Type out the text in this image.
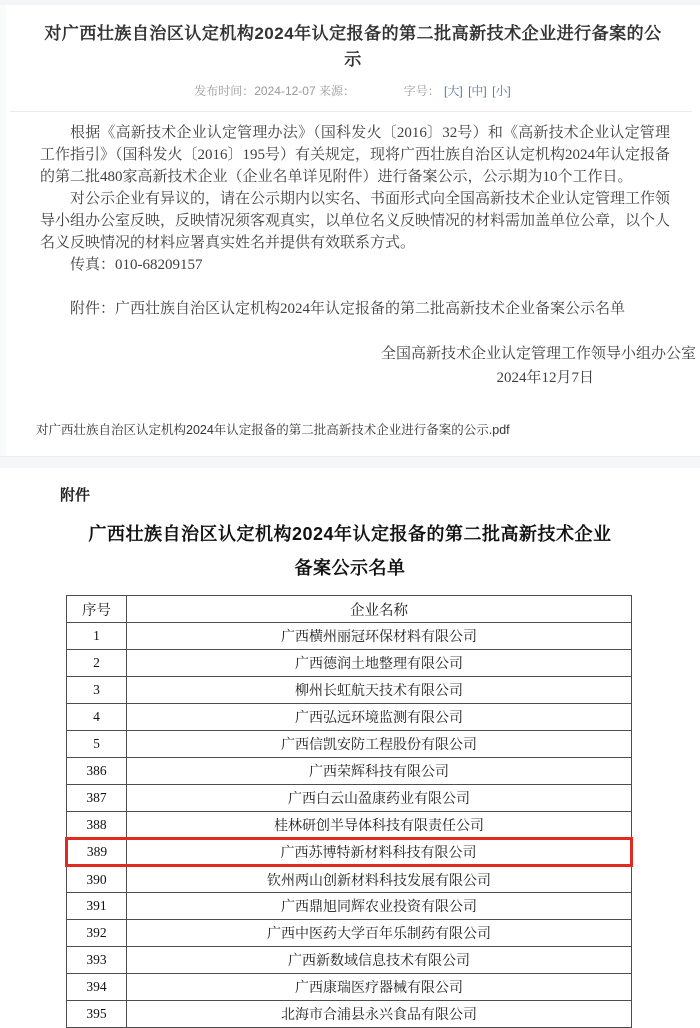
对广西壮族自治区认定机构2024年认定报备的第二批高新技术企业进行备案的公示
发布时间：2024-12-07 来源：	字号： [大] [中] [小]

根据《高新技术企业认定管理办法》（国科发火〔2016〕32号）和《高新技术企业认定管理工作指引》（国科发火〔2016〕195号）有关规定，现将广西壮族自治区认定机构2024年认定报备的第二批480家高新技术企业（企业名单详见附件）进行备案公示，公示期为10个工作日。

对公示企业有异议的，请在公示期内以实名、书面形式向全国高新技术企业认定管理工作领导小组办公室反映，反映情况须客观真实，以单位名义反映情况的材料需加盖单位公章，以个人名义反映情况的材料应署真实姓名并提供有效联系方式。

传真：010-68209157

附件：广西壮族自治区认定机构2024年认定报备的第二批高新技术企业备案公示名单

全国高新技术企业认定管理工作领导小组办公室
2024年12月7日
对广西壮族自治区认定机构2024年认定报备的第二批高新技术企业进行备案的公示.pdf
附件
广西壮族自治区认定机构2024年认定报备的第二批高新技术企业
备案公示名单
序号	企业名称
1	广西横州丽冠环保材料有限公司
2	广西德润土地整理有限公司
3	柳州长虹航天技术有限公司
4	广西弘远环境监测有限公司
5	广西信凯安防工程股份有限公司
386	广西荣辉科技有限公司
387	广西白云山盈康药业有限公司
388	桂林研创半导体科技有限责任公司
389	广西苏博特新材料科技有限公司
390	钦州两山创新材料科技发展有限公司
391	广西鼎旭同辉农业投资有限公司
392	广西中医药大学百年乐制药有限公司
393	广西新数域信息技术有限公司
394	广西康瑞医疗器械有限公司
395	北海市合浦县永兴食品有限公司
